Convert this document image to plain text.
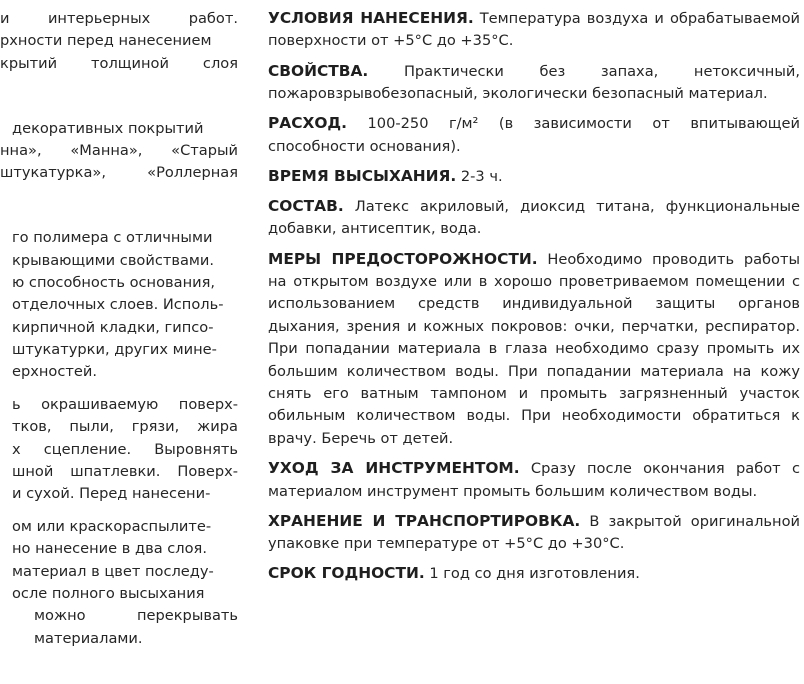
и интерьерных работ.
рхности перед нанесением
крытий толщиной слоя
декоративных покрытий
нна», «Манна», «Старый
штукатурка», «Роллерная
го полимера с отличными
крывающими свойствами.
ю способность основания,
отделочных слоев. Исполь-
кирпичной кладки, гипсо-
штукатурки, других мине-
ерхностей.
ь окрашиваемую поверх-
тков, пыли, грязи, жира
х сцепление. Выровнять
шной шпатлевки. Поверх-
и сухой. Перед нанесени-
ом или краскораспылите-
но нанесение в два слоя.
материал в цвет последу-
осле полного высыхания
можно перекрывать
материалами.
УСЛОВИЯ НАНЕСЕНИЯ. Температура воздуха и обрабатываемой поверхности от +5°С до +35°С.
СВОЙСТВА. Практически без запаха, нетоксичный, пожаровзрывобезопасный, экологически безопасный материал.
РАСХОД. 100-250 г/м² (в зависимости от впитывающей способности основания).
ВРЕМЯ ВЫСЫХАНИЯ. 2-3 ч.
СОСТАВ. Латекс акриловый, диоксид титана, функциональные добавки, антисептик, вода.
МЕРЫ ПРЕДОСТОРОЖНОСТИ. Необходимо проводить работы на открытом воздухе или в хорошо проветриваемом помещении с использованием средств индивидуальной защиты органов дыхания, зрения и кожных покровов: очки, перчатки, респиратор. При попадании материала в глаза необходимо сразу промыть их большим количеством воды. При попадании материала на кожу снять его ватным тампоном и промыть загрязненный участок обильным количеством воды. При необходимости обратиться к врачу. Беречь от детей.
УХОД ЗА ИНСТРУМЕНТОМ. Сразу после окончания работ с материалом инструмент промыть большим количеством воды.
ХРАНЕНИЕ И ТРАНСПОРТИРОВКА. В закрытой оригинальной упаковке при температуре от +5°С до +30°С.
СРОК ГОДНОСТИ. 1 год со дня изготовления.
